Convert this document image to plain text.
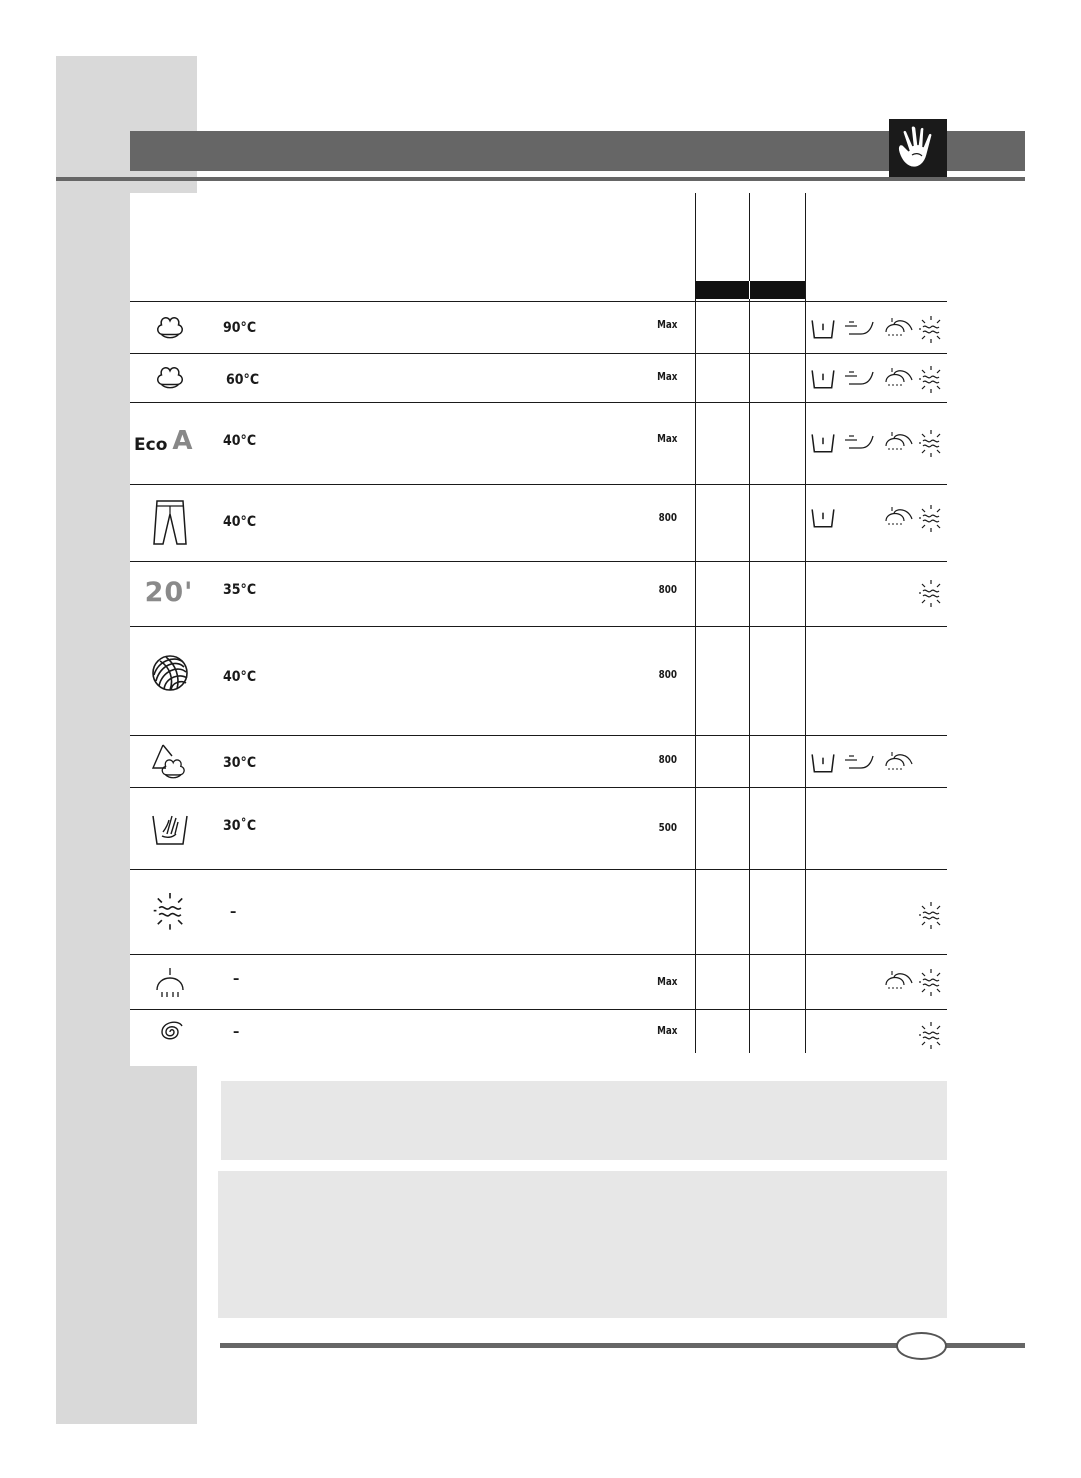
90°C	Max
60°C	Max
Eco A 40°C	Max
40°C	800
20' 35°C	800
40°C	800
30°C	800
30˚C	500
–
–	Max
–	Max
